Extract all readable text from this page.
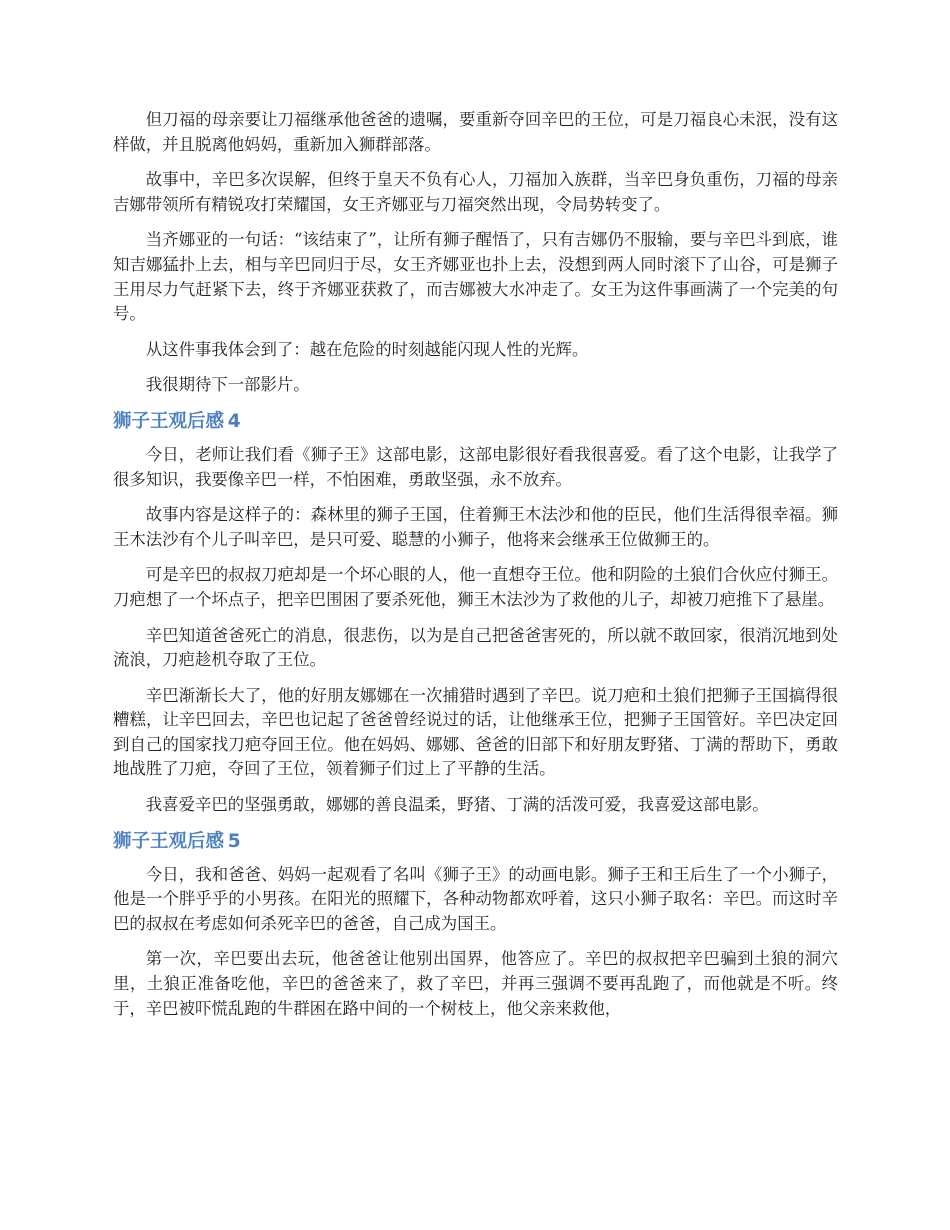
但刀福的母亲要让刀福继承他爸爸的遗嘱，要重新夺回辛巴的王位，可是刀福良心未泯，没有这样做，并且脱离他妈妈，重新加入狮群部落。

故事中，辛巴多次误解，但终于皇天不负有心人，刀福加入族群，当辛巴身负重伤，刀福的母亲吉娜带领所有精锐攻打荣耀国，女王齐娜亚与刀福突然出现，令局势转变了。

当齐娜亚的一句话：“该结束了”，让所有狮子醒悟了，只有吉娜仍不服输，要与辛巴斗到底，谁知吉娜猛扑上去，相与辛巴同归于尽，女王齐娜亚也扑上去，没想到两人同时滚下了山谷，可是狮子王用尽力气赶紧下去，终于齐娜亚获救了，而吉娜被大水冲走了。女王为这件事画满了一个完美的句号。

从这件事我体会到了：越在危险的时刻越能闪现人性的光辉。

我很期待下一部影片。

狮子王观后感  4

今日，老师让我们看《狮子王》这部电影，这部电影很好看我很喜爱。看了这个电影，让我学了很多知识，我要像辛巴一样，不怕困难，勇敢坚强，永不放弃。

故事内容是这样子的：森林里的狮子王国，住着狮王木法沙和他的臣民，他们生活得很幸福。狮王木法沙有个儿子叫辛巴，是只可爱、聪慧的小狮子，他将来会继承王位做狮王的。

可是辛巴的叔叔刀疤却是一个坏心眼的人，他一直想夺王位。他和阴险的土狼们合伙应付狮王。刀疤想了一个坏点子，把辛巴围困了要杀死他，狮王木法沙为了救他的儿子，却被刀疤推下了悬崖。

辛巴知道爸爸死亡的消息，很悲伤，以为是自己把爸爸害死的，所以就不敢回家，很消沉地到处流浪，刀疤趁机夺取了王位。

辛巴渐渐长大了，他的好朋友娜娜在一次捕猎时遇到了辛巴。说刀疤和土狼们把狮子王国搞得很糟糕，让辛巴回去，辛巴也记起了爸爸曾经说过的话，让他继承王位，把狮子王国管好。辛巴决定回到自己的国家找刀疤夺回王位。他在妈妈、娜娜、爸爸的旧部下和好朋友野猪、丁满的帮助下，勇敢地战胜了刀疤，夺回了王位，领着狮子们过上了平静的生活。

我喜爱辛巴的坚强勇敢，娜娜的善良温柔，野猪、丁满的活泼可爱，我喜爱这部电影。

狮子王观后感  5

今日，我和爸爸、妈妈一起观看了名叫《狮子王》的动画电影。狮子王和王后生了一个小狮子，他是一个胖乎乎的小男孩。在阳光的照耀下，各种动物都欢呼着，这只小狮子取名：辛巴。而这时辛巴的叔叔在考虑如何杀死辛巴的爸爸，自己成为国王。

第一次，辛巴要出去玩，他爸爸让他别出国界，他答应了。辛巴的叔叔把辛巴骗到土狼的洞穴里，土狼正准备吃他，辛巴的爸爸来了，救了辛巴，并再三强调不要再乱跑了，而他就是不听。终于，辛巴被吓慌乱跑的牛群困在路中间的一个树枝上，他父亲来救他，
